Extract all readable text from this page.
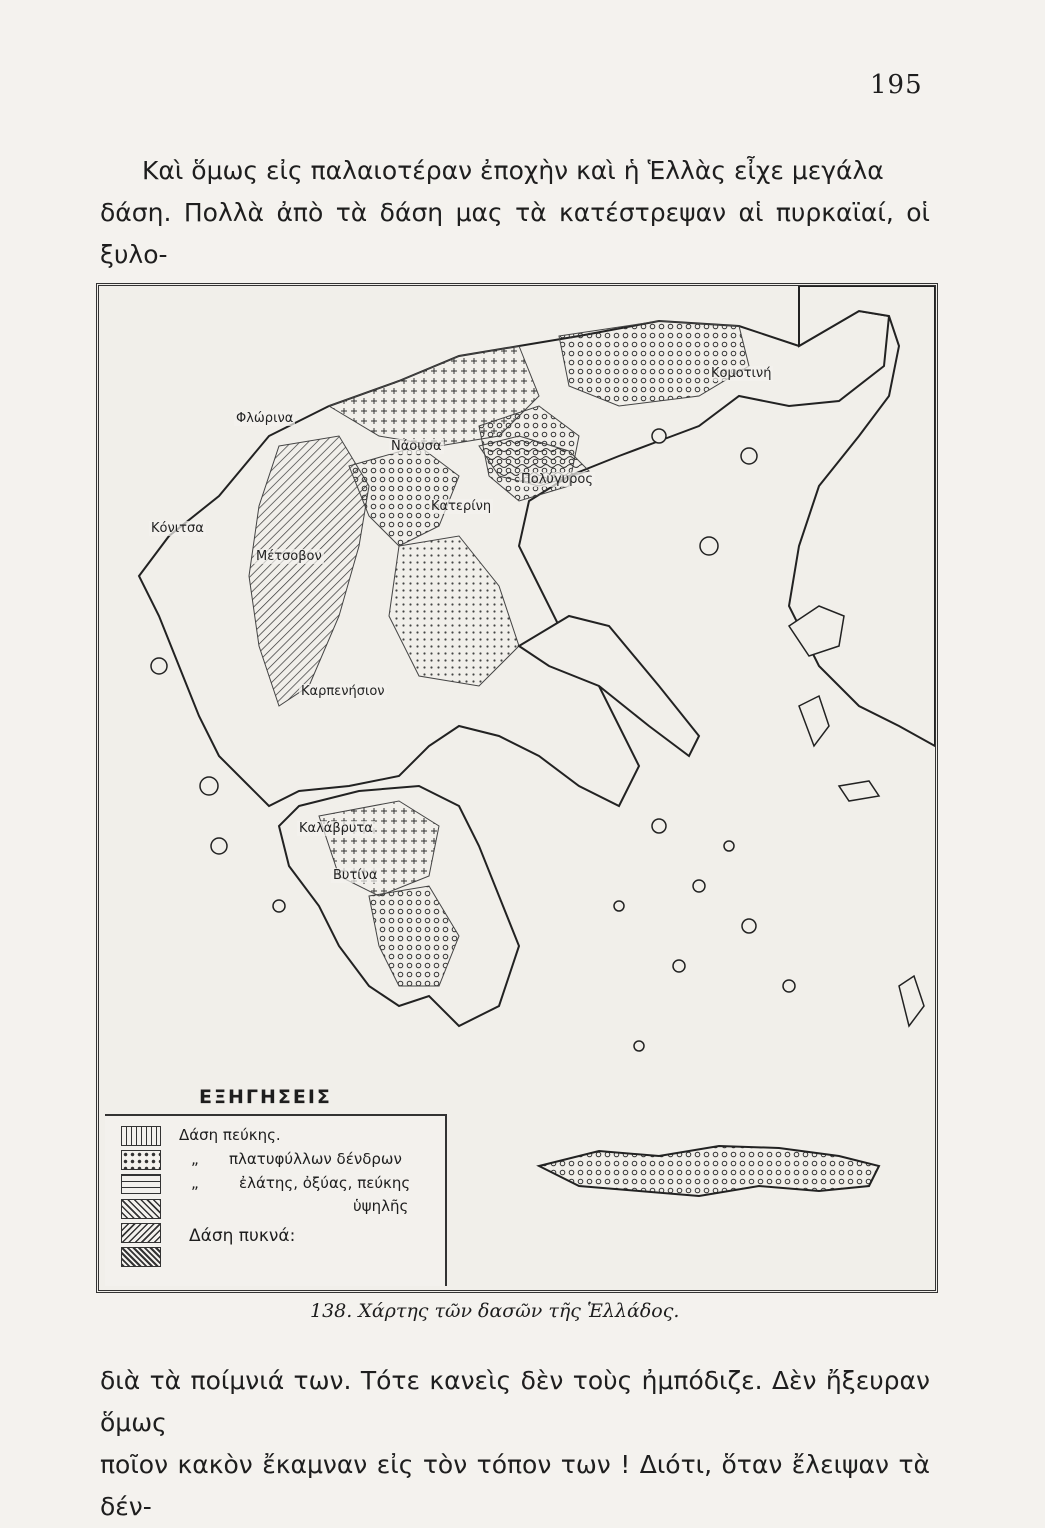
195
Καὶ ὅμως εἰς παλαιοτέραν ἐποχὴν καὶ ἡ Ἑλλὰς εἶχε μεγάλα
δάση. Πολλὰ ἀπὸ τὰ δάση μας τὰ κατέστρεψαν αἱ πυρκαϊαί, οἱ ξυλο-
Φλώρινα
Νάουσα
Κομοτινή
Πολύγυρος
Κατερίνη
Κόνιτσα
Μέτσοβον
Καρπενήσιον
Καλάβρυτα
Βυτίνα
ΕΞΗΓΗΣΕΙΣ
Δάση πεύκης.
„ πλατυφύλλων δένδρων
„	ἐλάτης, ὀξύας, πεύκης
ὑψηλῆς
Δάση πυκνά:
138. Χάρτης τῶν δασῶν τῆς Ἑλλάδος.
διὰ τὰ ποίμνιά των. Τότε κανεὶς δὲν τοὺς ἠμπόδιζε. Δὲν ἤξευραν ὅμως
ποῖον κακὸν ἔκαμναν εἰς τὸν τόπον των ! Διότι, ὅταν ἔλειψαν τὰ δέν-
